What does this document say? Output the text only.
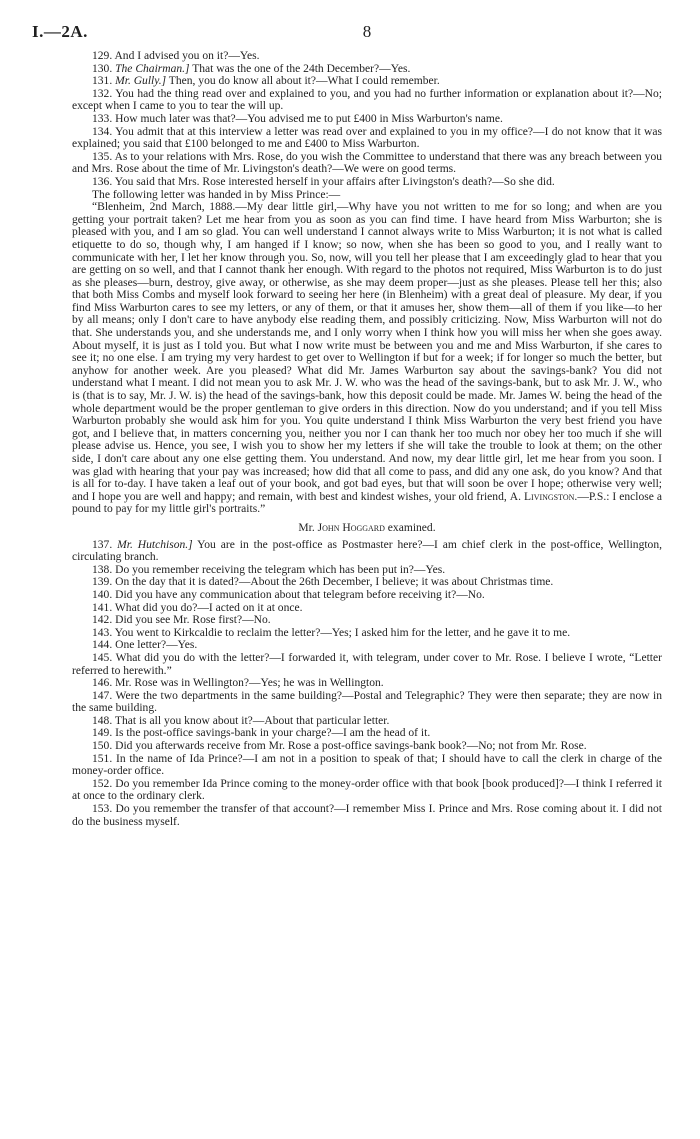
I.—2A.	8

129. And I advised you on it?—Yes.

130. The Chairman.] That was the one of the 24th December?—Yes.

131. Mr. Gully.] Then, you do know all about it?—What I could remember.

132. You had the thing read over and explained to you, and you had no further information or explanation about it?—No; except when I came to you to tear the will up.

133. How much later was that?—You advised me to put £400 in Miss Warburton's name.

134. You admit that at this interview a letter was read over and explained to you in my office?—I do not know that it was explained; you said that £100 belonged to me and £400 to Miss Warburton.

135. As to your relations with Mrs. Rose, do you wish the Committee to understand that there was any breach between you and Mrs. Rose about the time of Mr. Livingston's death?—We were on good terms.

136. You said that Mrs. Rose interested herself in your affairs after Livingston's death?—So she did.

The following letter was handed in by Miss Prince:—

“Blenheim, 2nd March, 1888.—My dear little girl,—Why have you not written to me for so long; and when are you getting your portrait taken? Let me hear from you as soon as you can find time. I have heard from Miss Warburton; she is pleased with you, and I am so glad. You can well understand I cannot always write to Miss Warburton; it is not what is called etiquette to do so, though why, I am hanged if I know; so now, when she has been so good to you, and I really want to communicate with her, I let her know through you. So, now, will you tell her please that I am exceedingly glad to hear that you are getting on so well, and that I cannot thank her enough. With regard to the photos not required, Miss Warburton is to do just as she pleases—burn, destroy, give away, or otherwise, as she may deem proper—just as she pleases. Please tell her this; also that both Miss Combs and myself look forward to seeing her here (in Blenheim) with a great deal of pleasure. My dear, if you find Miss Warburton cares to see my letters, or any of them, or that it amuses her, show them—all of them if you like—to her by all means; only I don't care to have anybody else reading them, and possibly criticizing. Now, Miss Warburton will not do that. She understands you, and she understands me, and I only worry when I think how you will miss her when she goes away. About myself, it is just as I told you. But what I now write must be between you and me and Miss Warburton, if she cares to see it; no one else. I am trying my very hardest to get over to Wellington if but for a week; if for longer so much the better, but anyhow for another week. Are you pleased? What did Mr. James Warburton say about the savings-bank? You did not understand what I meant. I did not mean you to ask Mr. J. W. who was the head of the savings-bank, but to ask Mr. J. W., who is (that is to say, Mr. J. W. is) the head of the savings-bank, how this deposit could be made. Mr. James W. being the head of the whole department would be the proper gentleman to give orders in this direction. Now do you understand; and if you tell Miss Warburton probably she would ask him for you. You quite understand I think Miss Warburton the very best friend you have got, and I believe that, in matters concerning you, neither you nor I can thank her too much nor obey her too much if she will please advise us. Hence, you see, I wish you to show her my letters if she will take the trouble to look at them; on the other side, I don't care about any one else getting them. You understand. And now, my dear little girl, let me hear from you soon. I was glad with hearing that your pay was increased; how did that all come to pass, and did any one ask, do you know? And that is all for to-day. I have taken a leaf out of your book, and got bad eyes, but that will soon be over I hope; otherwise very well; and I hope you are well and happy; and remain, with best and kindest wishes, your old friend, A. Livingston.—P.S.: I enclose a pound to pay for my little girl's portraits.”

Mr. John Hoggard examined.

137. Mr. Hutchison.] You are in the post-office as Postmaster here?—I am chief clerk in the post-office, Wellington, circulating branch.

138. Do you remember receiving the telegram which has been put in?—Yes.

139. On the day that it is dated?—About the 26th December, I believe; it was about Christmas time.

140. Did you have any communication about that telegram before receiving it?—No.

141. What did you do?—I acted on it at once.

142. Did you see Mr. Rose first?—No.

143. You went to Kirkcaldie to reclaim the letter?—Yes; I asked him for the letter, and he gave it to me.

144. One letter?—Yes.

145. What did you do with the letter?—I forwarded it, with telegram, under cover to Mr. Rose. I believe I wrote, “Letter referred to herewith.”

146. Mr. Rose was in Wellington?—Yes; he was in Wellington.

147. Were the two departments in the same building?—Postal and Telegraphic? They were then separate; they are now in the same building.

148. That is all you know about it?—About that particular letter.

149. Is the post-office savings-bank in your charge?—I am the head of it.

150. Did you afterwards receive from Mr. Rose a post-office savings-bank book?—No; not from Mr. Rose.

151. In the name of Ida Prince?—I am not in a position to speak of that; I should have to call the clerk in charge of the money-order office.

152. Do you remember Ida Prince coming to the money-order office with that book [book produced]?—I think I referred it at once to the ordinary clerk.

153. Do you remember the transfer of that account?—I remember Miss I. Prince and Mrs. Rose coming about it. I did not do the business myself.
